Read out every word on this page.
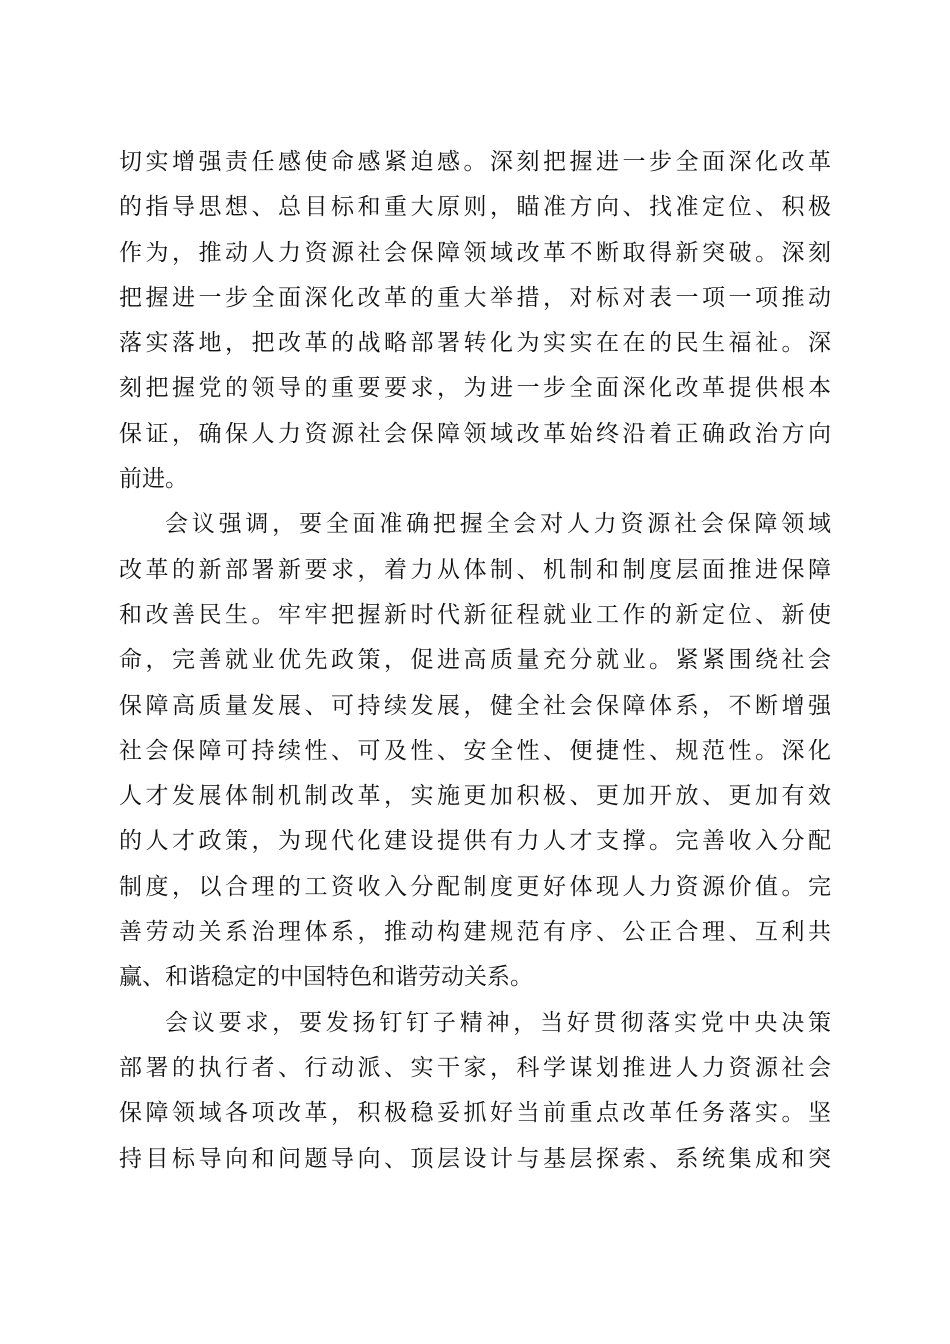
切实增强责任感使命感紧迫感。深刻把握进一步全面深化改革
的指导思想、总目标和重大原则，瞄准方向、找准定位、积极
作为，推动人力资源社会保障领域改革不断取得新突破。深刻
把握进一步全面深化改革的重大举措，对标对表一项一项推动
落实落地，把改革的战略部署转化为实实在在的民生福祉。深
刻把握党的领导的重要要求，为进一步全面深化改革提供根本
保证，确保人力资源社会保障领域改革始终沿着正确政治方向
前进。
会议强调，要全面准确把握全会对人力资源社会保障领域
改革的新部署新要求，着力从体制、机制和制度层面推进保障
和改善民生。牢牢把握新时代新征程就业工作的新定位、新使
命，完善就业优先政策，促进高质量充分就业。紧紧围绕社会
保障高质量发展、可持续发展，健全社会保障体系，不断增强
社会保障可持续性、可及性、安全性、便捷性、规范性。深化
人才发展体制机制改革，实施更加积极、更加开放、更加有效
的人才政策，为现代化建设提供有力人才支撑。完善收入分配
制度，以合理的工资收入分配制度更好体现人力资源价值。完
善劳动关系治理体系，推动构建规范有序、公正合理、互利共
赢、和谐稳定的中国特色和谐劳动关系。
会议要求，要发扬钉钉子精神，当好贯彻落实党中央决策
部署的执行者、行动派、实干家，科学谋划推进人力资源社会
保障领域各项改革，积极稳妥抓好当前重点改革任务落实。坚
持目标导向和问题导向、顶层设计与基层探索、系统集成和突
